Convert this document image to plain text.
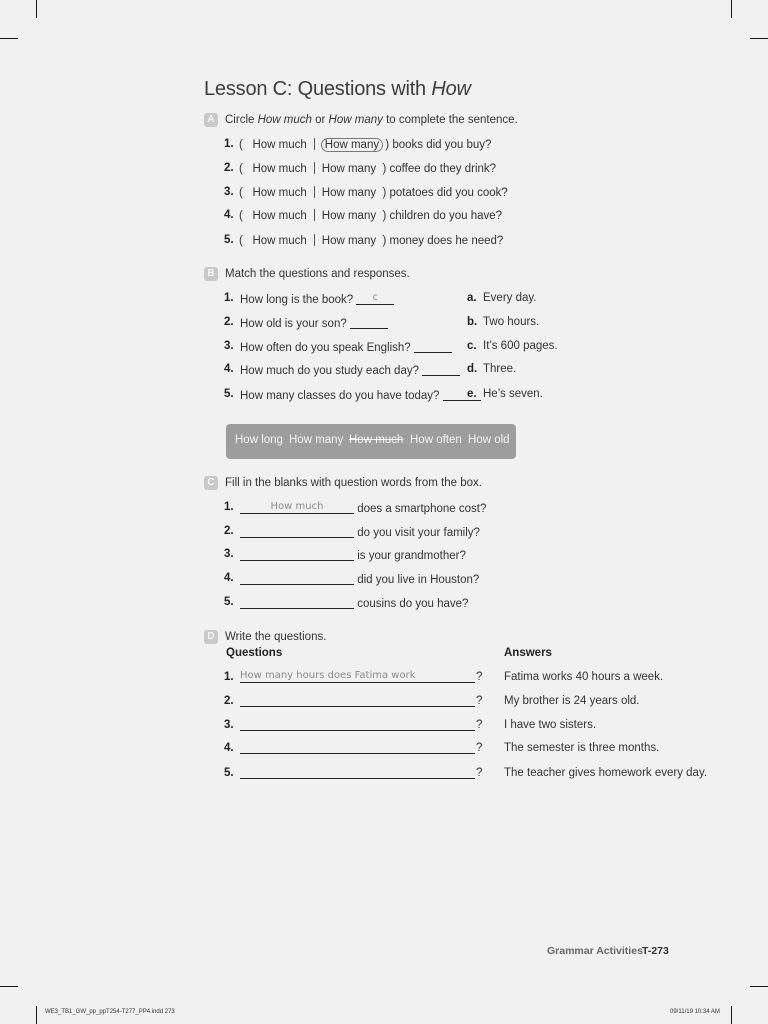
Lesson C: Questions with How
A Circle How much or How many to complete the sentence.
1. ( How much How many ) books did you buy?
2. ( How much How many ) coffee do they drink?
3. ( How much How many ) potatoes did you cook?
4. ( How much How many ) children do you have?
5. ( How much How many ) money does he need?
B Match the questions and responses.
1. How long is the book?	c
2. How old is your son?
3. How often do you speak English?
4. How much do you study each day?
5. How many classes do you have today?
a. Every day.
b. Two hours.
c. It’s 600 pages.
d. Three.
e. He’s seven.
How long How many How much How often How old
C Fill in the blanks with question words from the box.
1.	How much	does a smartphone cost?
2.	do you visit your family?
3.	is your grandmother?
4.	did you live in Houston?
5.	cousins do you have?
D Write the questions.
Questions	Answers
1. How many hours does Fatima work	? Fatima works 40 hours a week.
2.	? My brother is 24 years old.
3.	? I have two sisters.
4.	? The semester is three months.
5.	? The teacher gives homework every day.
Grammar Activities T-273
WE3_TB1_GW_pp_ppT254-T277_PP4.indd 273	09/11/19 10:34 AM
